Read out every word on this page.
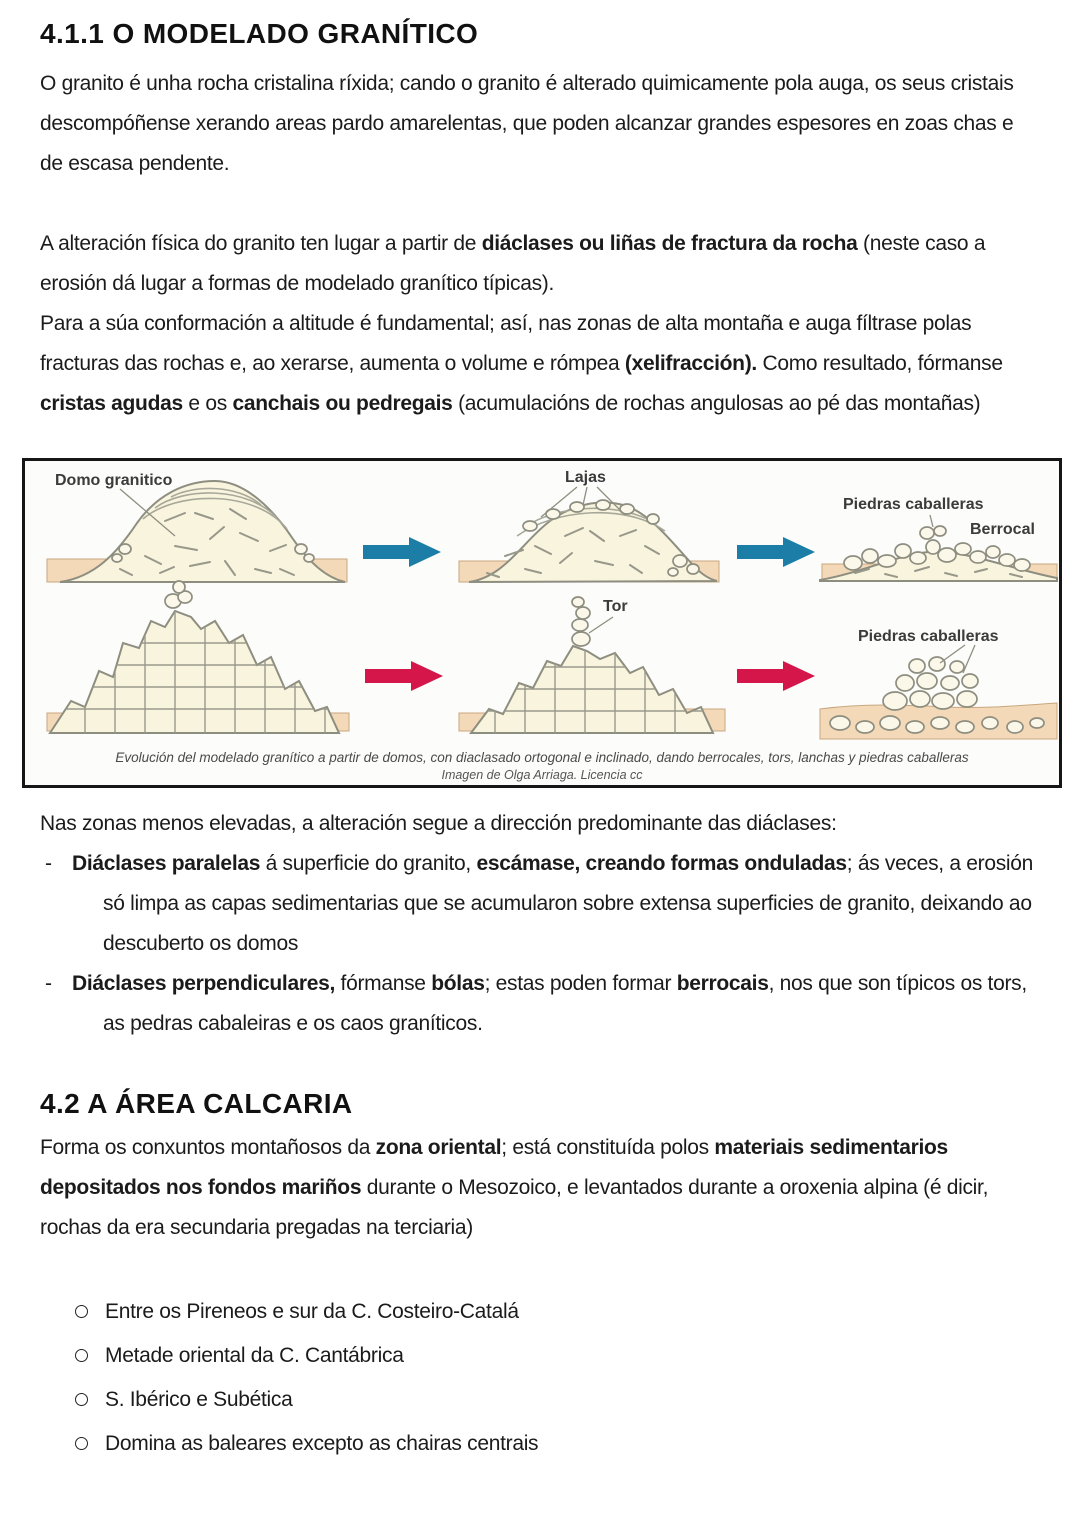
4.1.1 O MODELADO GRANÍTICO

O granito é unha rocha cristalina ríxida; cando o granito é alterado quimicamente pola auga, os seus cristais descompóñense xerando areas pardo amarelentas, que poden alcanzar grandes espesores en zoas chas e de escasa pendente.

A alteración física do granito ten lugar a partir de diáclases ou liñas de fractura da rocha (neste caso a erosión dá lugar a formas de modelado granítico típicas).

Para a súa conformación a altitude é fundamental; así, nas zonas de alta montaña e auga fíltrase polas fracturas das rochas e, ao xerarse, aumenta o volume e rómpea (xelifracción). Como resultado, fórmanse cristas agudas e os canchais ou pedregais (acumulacións de rochas angulosas ao pé das montañas)

Domo granitico	Lajas
Piedras caballeras
Berrocal
Tor
Piedras caballeras
Evolución del modelado granítico a partir de domos, con diaclasado ortogonal e inclinado, dando berrocales, tors, lanchas y piedras caballeras
Imagen de Olga Arriaga. Licencia cc

Nas zonas menos elevadas, a alteración segue a dirección predominante das diáclases:

- Diáclases paralelas á superficie do granito, escámase, creando formas onduladas; ás veces, a erosión só limpa as capas sedimentarias que se acumularon sobre extensa superficies de granito, deixando ao descuberto os domos
- Diáclases perpendiculares, fórmanse bólas; estas poden formar berrocais, nos que son típicos os tors, as pedras cabaleiras e os caos graníticos.
4.2 A ÁREA CALCARIA

Forma os conxuntos montañosos da zona oriental; está constituída polos materiais sedimentarios depositados nos fondos mariños durante o Mesozoico, e levantados durante a oroxenia alpina (é dicir, rochas da era secundaria pregadas na terciaria)

Entre os Pireneos e sur da C. Costeiro-Catalá
Metade oriental da C. Cantábrica
S. Ibérico e Subética
Domina as baleares excepto as chairas centrais
